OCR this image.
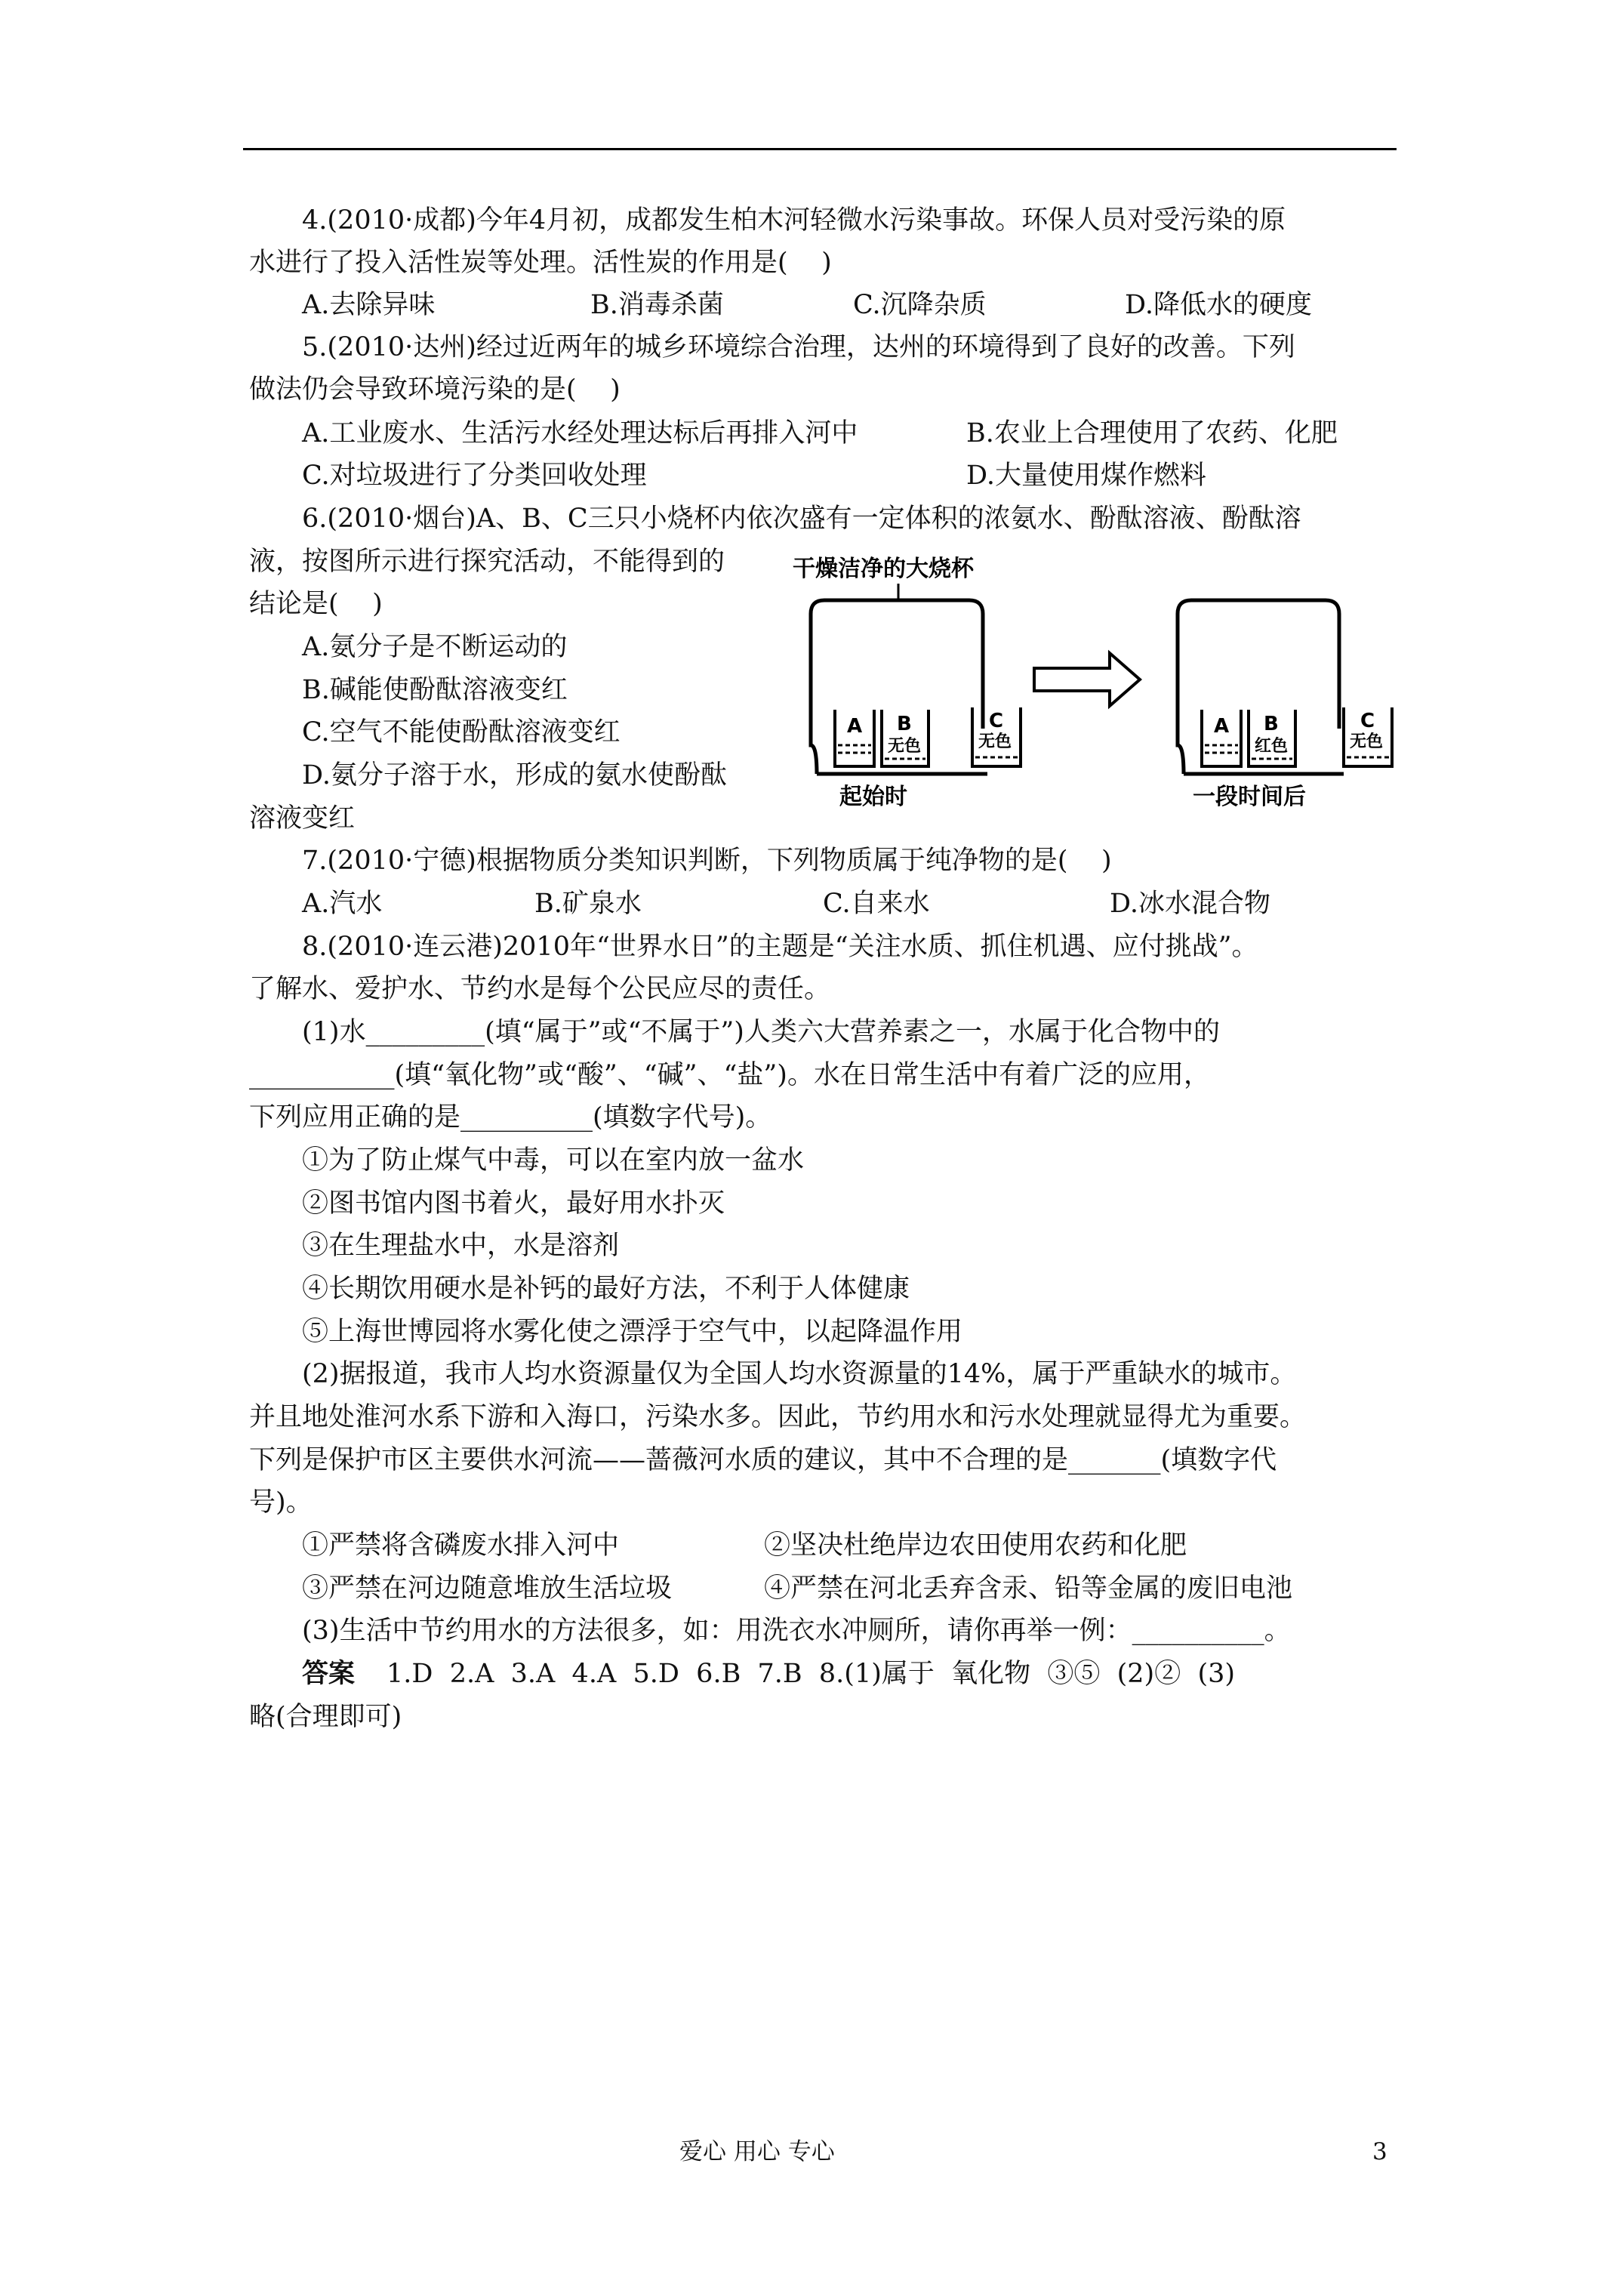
4.(2010·成都)今年4月初，成都发生柏木河轻微水污染事故。环保人员对受污染的原
水进行了投入活性炭等处理。活性炭的作用是(    )
A.去除异味	B.消毒杀菌	C.沉降杂质	D.降低水的硬度
5.(2010·达州)经过近两年的城乡环境综合治理，达州的环境得到了良好的改善。下列
做法仍会导致环境污染的是(    )
A.工业废水、生活污水经处理达标后再排入河中	B.农业上合理使用了农药、化肥
C.对垃圾进行了分类回收处理	D.大量使用煤作燃料
6.(2010·烟台)A、B、C三只小烧杯内依次盛有一定体积的浓氨水、酚酞溶液、酚酞溶
液，按图所示进行探究活动，不能得到的
结论是(    )
A.氨分子是不断运动的
B.碱能使酚酞溶液变红
C.空气不能使酚酞溶液变红
D.氨分子溶于水，形成的氨水使酚酞
溶液变红
干燥洁净的大烧杯
A B
无色
C
无色
起始时
A B
红色
C
无色
一段时间后
7.(2010·宁德)根据物质分类知识判断，下列物质属于纯净物的是(    )
A.汽水	B.矿泉水	C.自来水	D.冰水混合物
8.(2010·连云港)2010年“世界水日”的主题是“关注水质、抓住机遇、应付挑战”。
了解水、爱护水、节约水是每个公民应尽的责任。
(1)水_________(填“属于”或“不属于”)人类六大营养素之一，水属于化合物中的
___________(填“氧化物”或“酸”、“碱”、“盐”)。水在日常生活中有着广泛的应用，
下列应用正确的是__________(填数字代号)。
①为了防止煤气中毒，可以在室内放一盆水
②图书馆内图书着火，最好用水扑灭
③在生理盐水中，水是溶剂
④长期饮用硬水是补钙的最好方法，不利于人体健康
⑤上海世博园将水雾化使之漂浮于空气中，以起降温作用
(2)据报道，我市人均水资源量仅为全国人均水资源量的14%，属于严重缺水的城市。
并且地处淮河水系下游和入海口，污染水多。因此，节约用水和污水处理就显得尤为重要。
下列是保护市区主要供水河流——蔷薇河水质的建议，其中不合理的是_______(填数字代
号)。
①严禁将含磷废水排入河中	②坚决杜绝岸边农田使用农药和化肥
③严禁在河边随意堆放生活垃圾	④严禁在河北丢弃含汞、铅等金属的废旧电池
(3)生活中节约用水的方法很多，如：用洗衣水冲厕所，请你再举一例：__________。
答案 1.D  2.A  3.A  4.A  5.D  6.B  7.B  8.(1)属于  氧化物  ③⑤  (2)②  (3)
略(合理即可)
爱心 用心 专心	3
